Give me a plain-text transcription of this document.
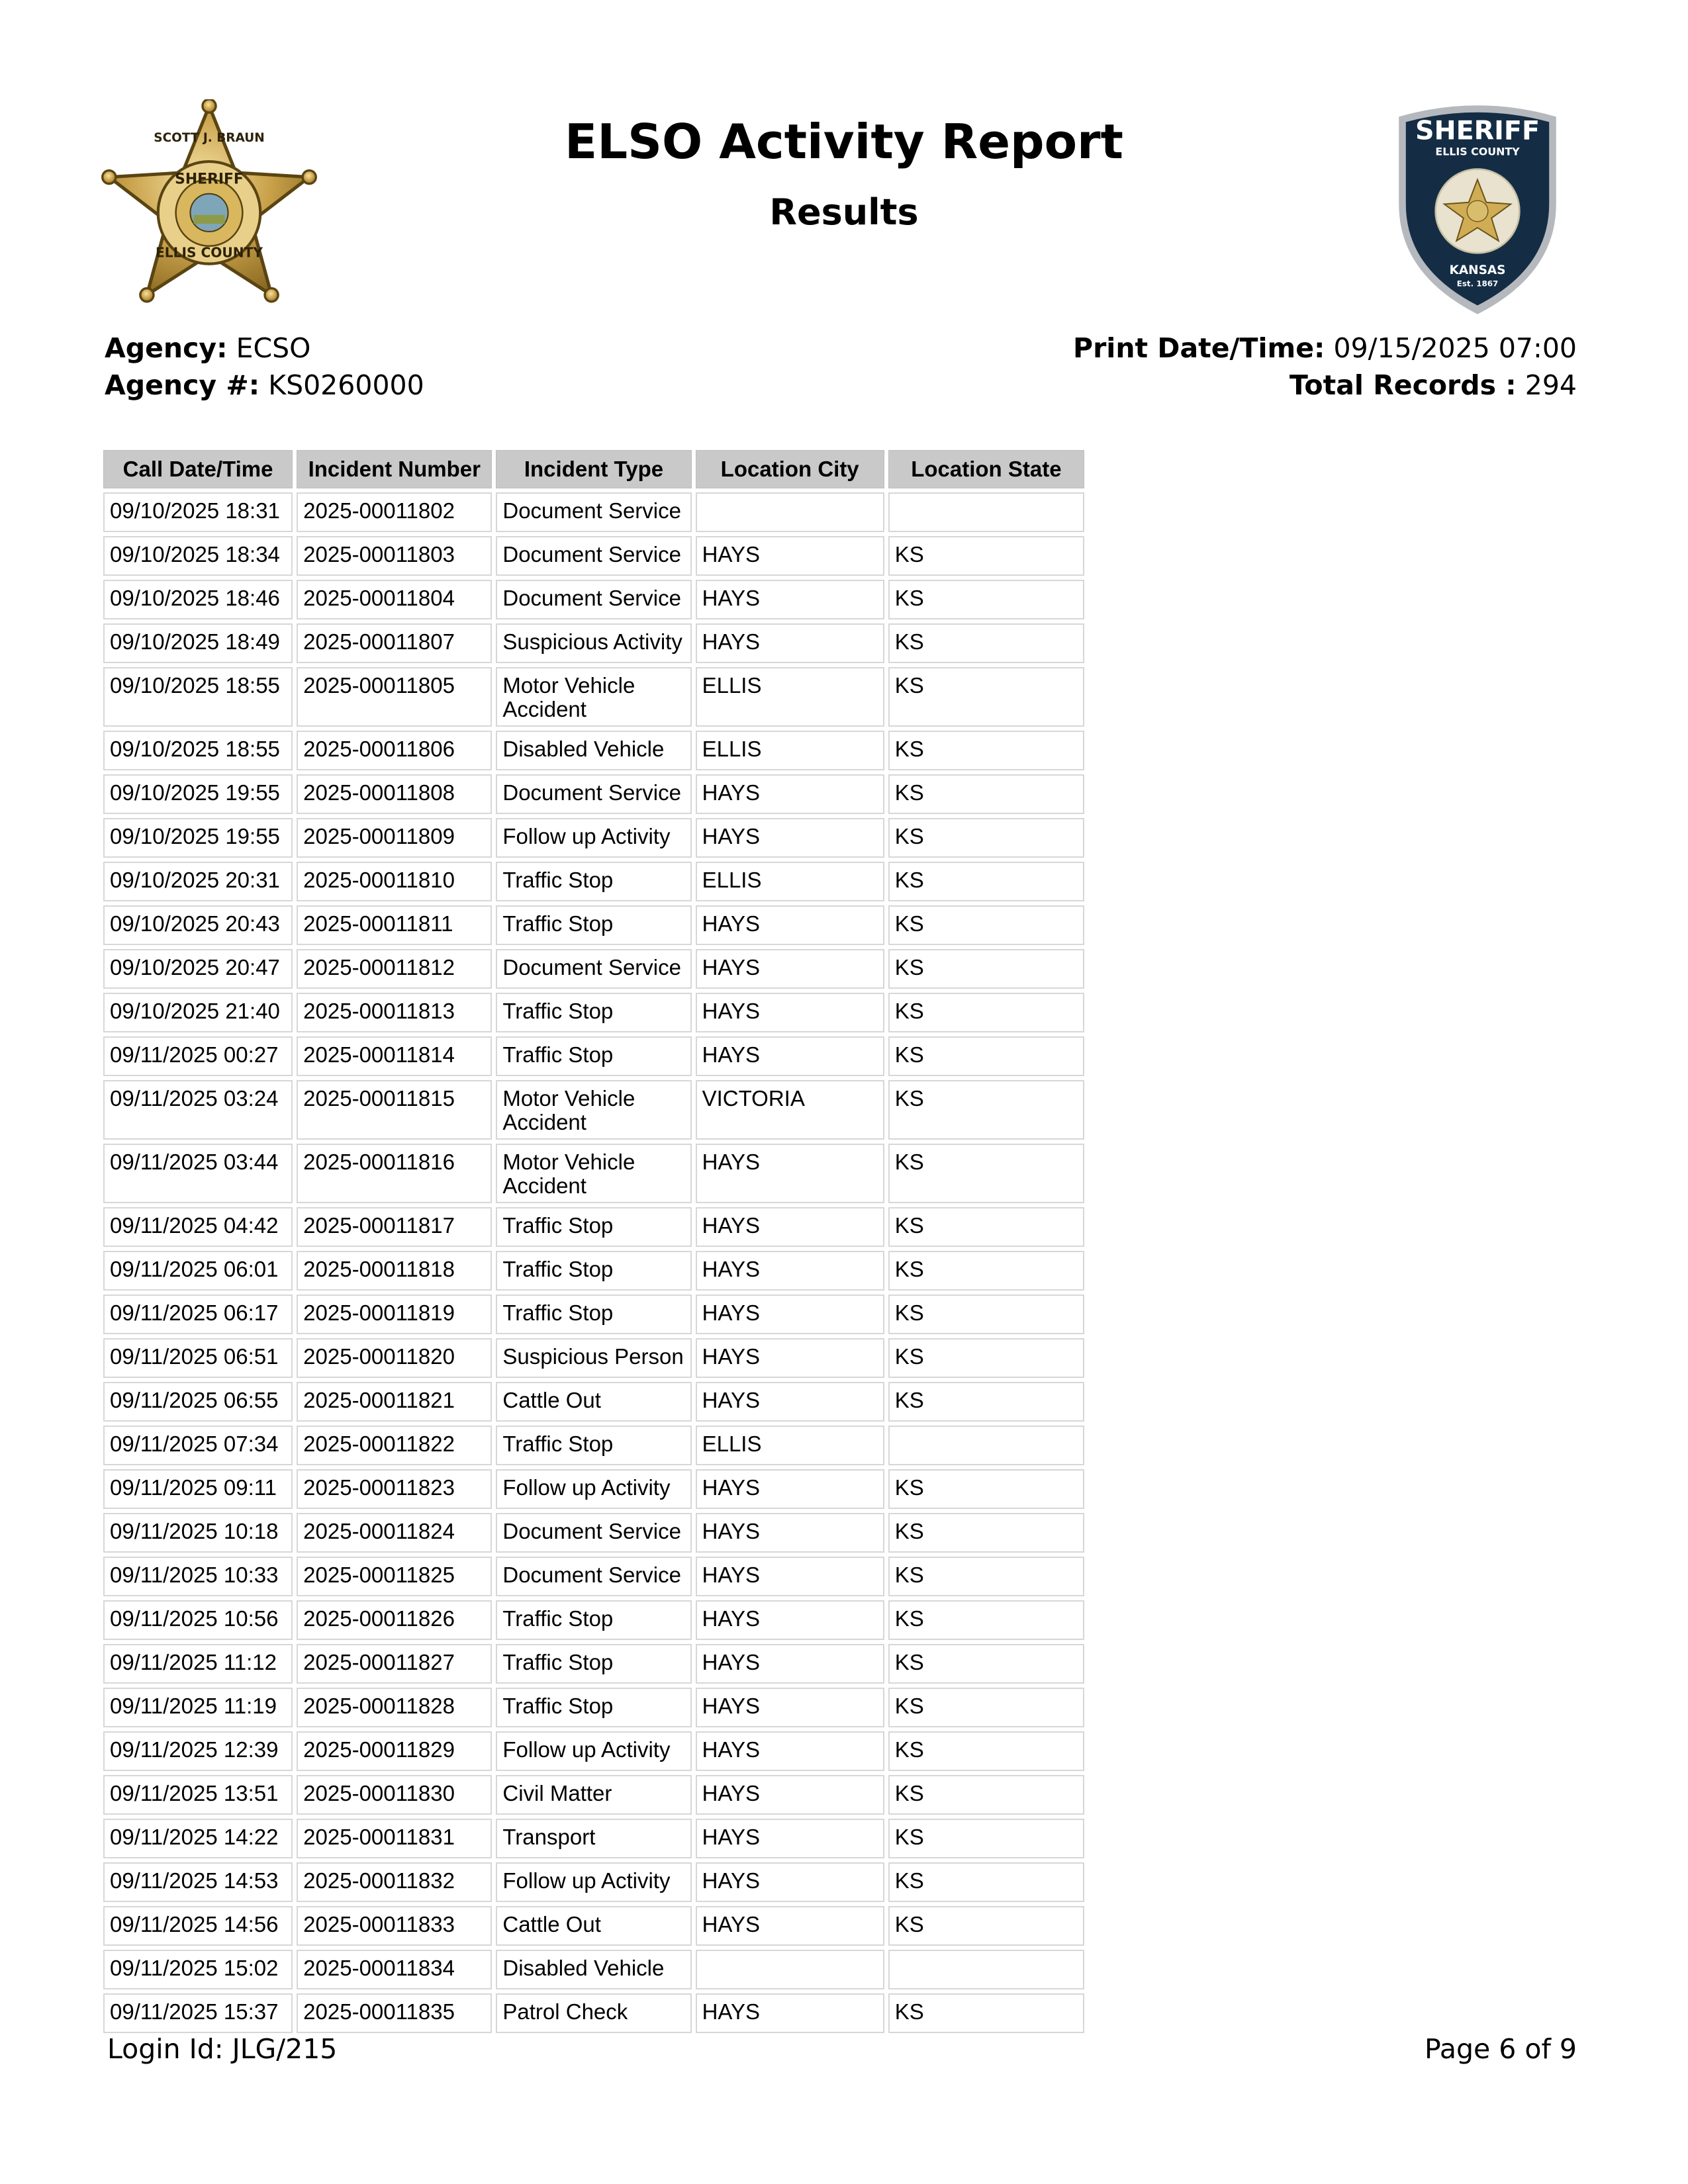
ELSO Activity Report
Results
SCOTT J. BRAUN
SHERIFF
ELLIS COUNTY
SHERIFF
ELLIS COUNTY
KANSAS
Est. 1867
Agency: ECSO
Agency #: KS0260000
Print Date/Time: 09/15/2025 07:00
Total Records : 294
Call Date/Time	Incident Number	Incident Type	Location City	Location State
09/10/2025 18:31	2025-00011802	Document Service		
09/10/2025 18:34	2025-00011803	Document Service	HAYS	KS
09/10/2025 18:46	2025-00011804	Document Service	HAYS	KS
09/10/2025 18:49	2025-00011807	Suspicious Activity	HAYS	KS
09/10/2025 18:55	2025-00011805	Motor Vehicle Accident	ELLIS	KS
09/10/2025 18:55	2025-00011806	Disabled Vehicle	ELLIS	KS
09/10/2025 19:55	2025-00011808	Document Service	HAYS	KS
09/10/2025 19:55	2025-00011809	Follow up Activity	HAYS	KS
09/10/2025 20:31	2025-00011810	Traffic Stop	ELLIS	KS
09/10/2025 20:43	2025-00011811	Traffic Stop	HAYS	KS
09/10/2025 20:47	2025-00011812	Document Service	HAYS	KS
09/10/2025 21:40	2025-00011813	Traffic Stop	HAYS	KS
09/11/2025 00:27	2025-00011814	Traffic Stop	HAYS	KS
09/11/2025 03:24	2025-00011815	Motor Vehicle Accident	VICTORIA	KS
09/11/2025 03:44	2025-00011816	Motor Vehicle Accident	HAYS	KS
09/11/2025 04:42	2025-00011817	Traffic Stop	HAYS	KS
09/11/2025 06:01	2025-00011818	Traffic Stop	HAYS	KS
09/11/2025 06:17	2025-00011819	Traffic Stop	HAYS	KS
09/11/2025 06:51	2025-00011820	Suspicious Person	HAYS	KS
09/11/2025 06:55	2025-00011821	Cattle Out	HAYS	KS
09/11/2025 07:34	2025-00011822	Traffic Stop	ELLIS	
09/11/2025 09:11	2025-00011823	Follow up Activity	HAYS	KS
09/11/2025 10:18	2025-00011824	Document Service	HAYS	KS
09/11/2025 10:33	2025-00011825	Document Service	HAYS	KS
09/11/2025 10:56	2025-00011826	Traffic Stop	HAYS	KS
09/11/2025 11:12	2025-00011827	Traffic Stop	HAYS	KS
09/11/2025 11:19	2025-00011828	Traffic Stop	HAYS	KS
09/11/2025 12:39	2025-00011829	Follow up Activity	HAYS	KS
09/11/2025 13:51	2025-00011830	Civil Matter	HAYS	KS
09/11/2025 14:22	2025-00011831	Transport	HAYS	KS
09/11/2025 14:53	2025-00011832	Follow up Activity	HAYS	KS
09/11/2025 14:56	2025-00011833	Cattle Out	HAYS	KS
09/11/2025 15:02	2025-00011834	Disabled Vehicle		
09/11/2025 15:37	2025-00011835	Patrol Check	HAYS	KS
Login Id: JLG/215	Page 6 of 9
